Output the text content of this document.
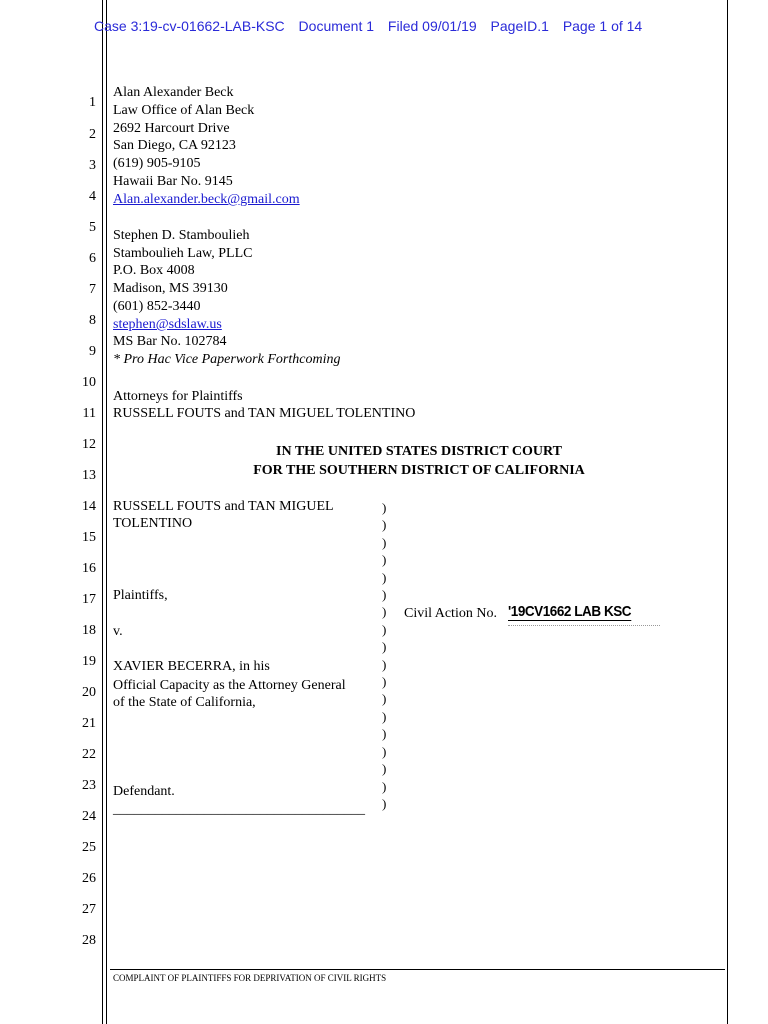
Case 3:19-cv-01662-LAB-KSC Document 1 Filed 09/01/19 PageID.1 Page 1 of 14
1
2
3
4
5
6
7
8
9
10
11
12
13
14
15
16
17
18
19
20
21
22
23
24
25
26
27
28
Alan Alexander Beck
Law Office of Alan Beck
2692 Harcourt Drive
San Diego, CA 92123
(619) 905-9105
Hawaii Bar No. 9145
Alan.alexander.beck@gmail.com
Stephen D. Stamboulieh
Stamboulieh Law, PLLC
P.O. Box 4008
Madison, MS 39130
(601) 852-3440
stephen@sdslaw.us
MS Bar No. 102784
* Pro Hac Vice Paperwork Forthcoming
Attorneys for Plaintiffs
RUSSELL FOUTS and TAN MIGUEL TOLENTINO
IN THE UNITED STATES DISTRICT COURT
FOR THE SOUTHERN DISTRICT OF CALIFORNIA
RUSSELL FOUTS and TAN MIGUEL
TOLENTINO
Plaintiffs,
v.
XAVIER BECERRA, in his
Official Capacity as the Attorney General
of the State of California,
Defendant.
____________________________________
)
)
)
)
)
)
)
)
)
)
)
)
)
)
)
)
)
)
Civil Action No. '19CV1662 LAB KSC
COMPLAINT OF PLAINTIFFS FOR DEPRIVATION OF CIVIL RIGHTS
